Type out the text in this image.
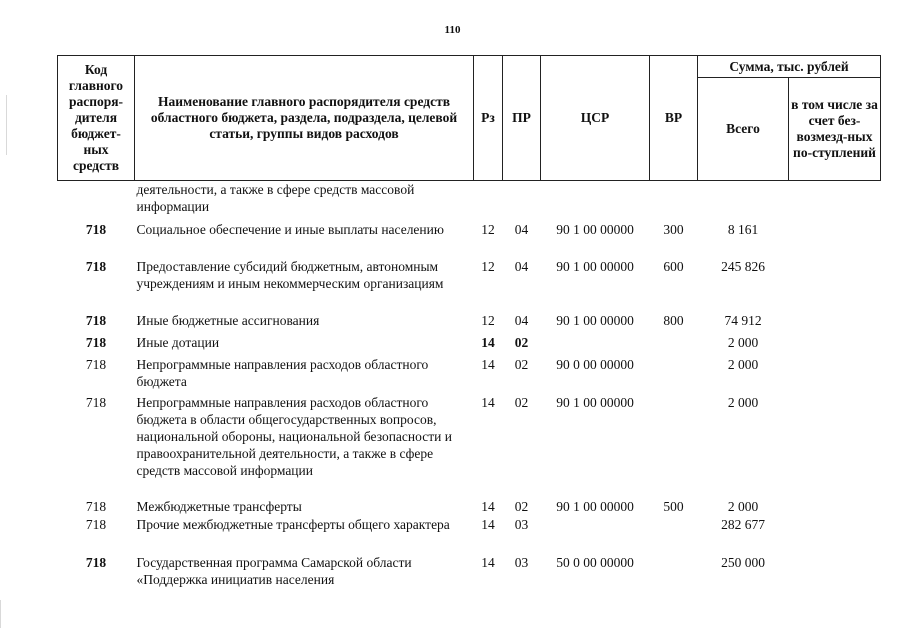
110
Код главного распоря-дителя бюджет-ных средств	Наименование главного распорядителя средств областного бюджета, раздела, подраздела, целевой статьи, группы видов расходов	Рз	ПР	ЦСР	ВР	Сумма, тыс. рублей	
						Всего	в том числе за счет без-возмезд-ных по-ступлений
	деятельности, а также в сфере средств массовой информации						
718	Социальное обеспечение и иные выплаты населению	12	04	90 1 00 00000	300	8 161	
718	Предоставление субсидий бюджетным, автономным учреждениям и иным некоммерческим организациям	12	04	90 1 00 00000	600	245 826	
718	Иные бюджетные ассигнования	12	04	90 1 00 00000	800	74 912	
718	Иные дотации	14	02			2 000	
718	Непрограммные направления расходов областного бюджета	14	02	90 0 00 00000		2 000	
718	Непрограммные направления расходов областного бюджета в области общегосударственных вопросов, национальной обороны, национальной безопасности и правоохранительной деятельности, а также в сфере средств массовой информации	14	02	90 1 00 00000		2 000	
718	Межбюджетные трансферты	14	02	90 1 00 00000	500	2 000	
718	Прочие межбюджетные трансферты общего характера	14	03			282 677	
718	Государственная программа Самарской области «Поддержка инициатив населения	14	03	50 0 00 00000		250 000	
